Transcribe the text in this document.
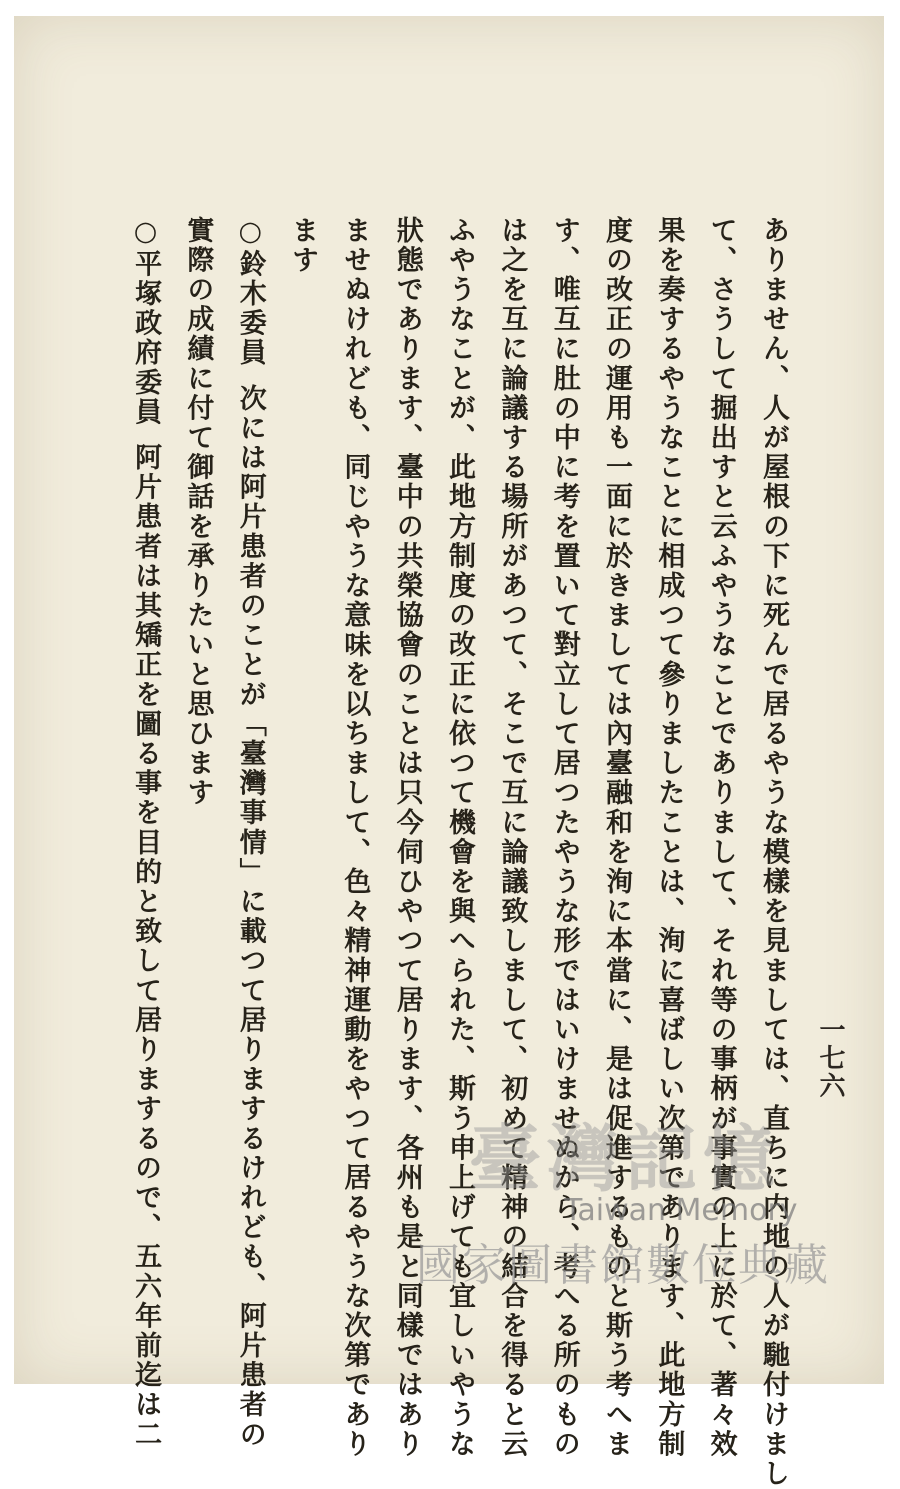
一七六
ありません、人が屋根の下に死んで居るやうな模樣を見ましては、直ちに内地の人が馳付けまし
て、さうして掘出すと云ふやうなことでありまして、それ等の事柄が事實の上に於て、著々效
果を奏するやうなことに相成つて參りましたことは、洵に喜ばしい次第であります、此地方制
度の改正の運用も一面に於きましては內臺融和を洵に本當に、是は促進するものと斯う考へま
す、唯互に肚の中に考を置いて對立して居つたやうな形ではいけませぬから、考へる所のもの
は之を互に論議する場所があつて、そこで互に論議致しまして、初めて精神の結合を得ると云
ふやうなことが、此地方制度の改正に依つて機會を與へられた、斯う申上げても宜しいやうな
狀態であります、臺中の共榮協會のことは只今伺ひやつて居ります、各州も是と同樣ではあり
ませぬけれども、同じやうな意味を以ちまして、色々精神運動をやつて居るやうな次第であり
ます
○鈴木委員次には阿片患者のことが「臺灣事情」に載つて居りまするけれども、阿片患者の
實際の成績に付て御話を承りたいと思ひます
○平塚政府委員阿片患者は其矯正を圖る事を目的と致して居りまするので、五六年前迄は二	臺灣記憶
Taiwan Memory
國家圖書館數位典藏
